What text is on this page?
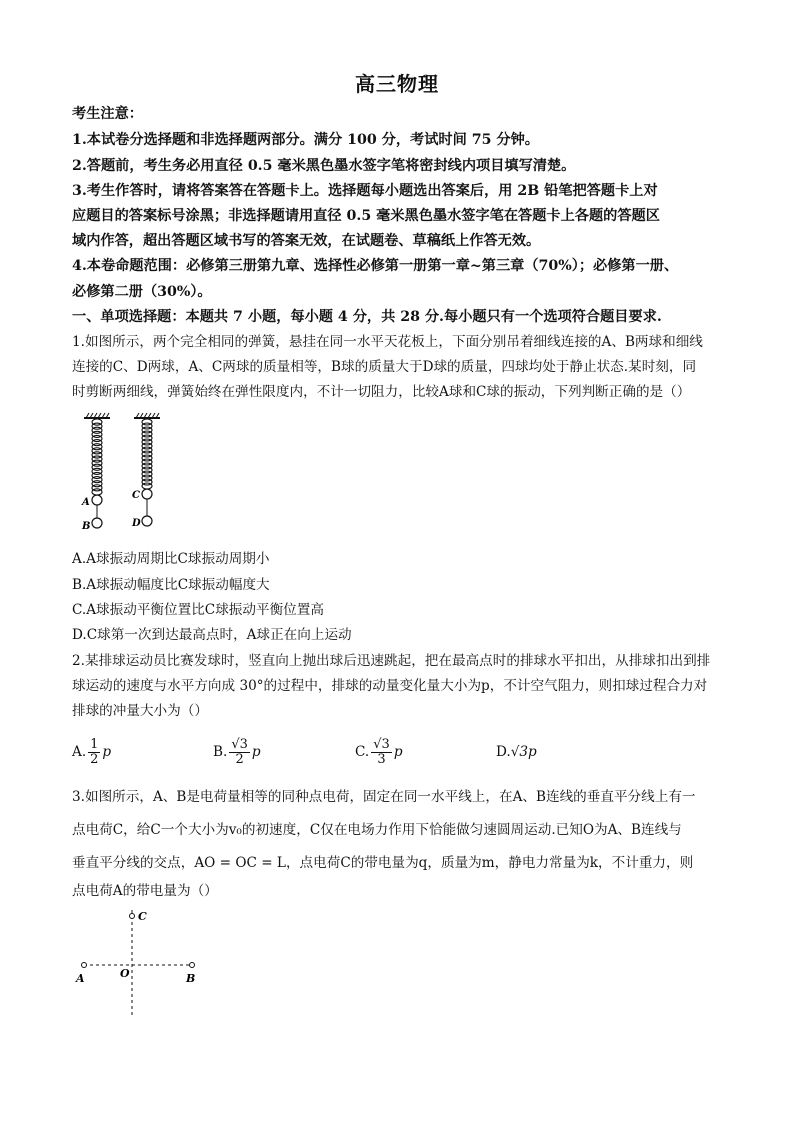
高三物理
考生注意：
1.本试卷分选择题和非选择题两部分。满分 100 分，考试时间 75 分钟。
2.答题前，考生务必用直径 0.5 毫米黑色墨水签字笔将密封线内项目填写清楚。
3.考生作答时，请将答案答在答题卡上。选择题每小题选出答案后，用 2B 铅笔把答题卡上对
应题目的答案标号涂黑；非选择题请用直径 0.5 毫米黑色墨水签字笔在答题卡上各题的答题区
域内作答，超出答题区域书写的答案无效，在试题卷、草稿纸上作答无效。
4.本卷命题范围：必修第三册第九章、选择性必修第一册第一章~第三章（70%）；必修第一册、
必修第二册（30%）。
一、单项选择题：本题共 7 小题，每小题 4 分，共 28 分.每小题只有一个选项符合题目要求.
1.如图所示，两个完全相同的弹簧，悬挂在同一水平天花板上，下面分别吊着细线连接的A、B两球和细线
连接的C、D两球，A、C两球的质量相等，B球的质量大于D球的质量，四球均处于静止状态.某时刻，同
时剪断两细线，弹簧始终在弹性限度内，不计一切阻力，比较A球和C球的振动，下列判断正确的是（）
A
B
C
D
A.A球振动周期比C球振动周期小
B.A球振动幅度比C球振动幅度大
C.A球振动平衡位置比C球振动平衡位置高
D.C球第一次到达最高点时，A球正在向上运动
2.某排球运动员比赛发球时，竖直向上抛出球后迅速跳起，把在最高点时的排球水平扣出，从排球扣出到排
球运动的速度与水平方向成 30°的过程中，排球的动量变化量大小为p，不计空气阻力，则扣球过程合力对
排球的冲量大小为（）
A. $\frac{1}{2}$ p	B. $\frac{√3}{2}$ p	C. $\frac{√3}{3}$ p	D.√3p
3.如图所示，A、B是电荷量相等的同种点电荷，固定在同一水平线上，在A、B连线的垂直平分线上有一
点电荷C，给C一个大小为v₀的初速度，C仅在电场力作用下恰能做匀速圆周运动.已知O为A、B连线与
垂直平分线的交点，AO = OC = L，点电荷C的带电量为q，质量为m，静电力常量为k，不计重力，则
点电荷A的带电量为（）
C
A	O	B
